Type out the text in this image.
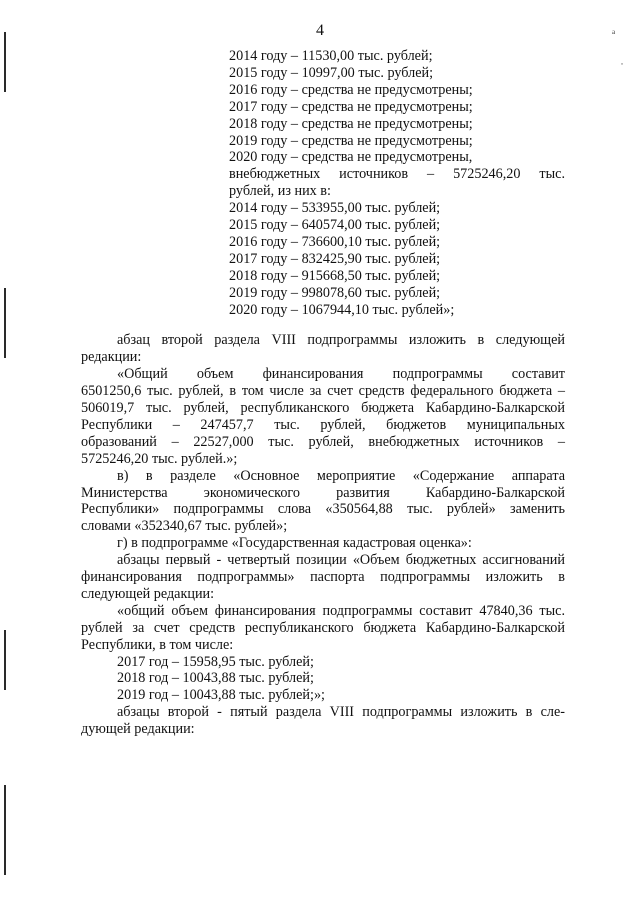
4	ₐ
˙
2014 году – 11530,00 тыс. рублей;
2015 году – 10997,00 тыс. рублей;
2016 году – средства не предусмотрены;
2017 году – средства не предусмотрены;
2018 году – средства не предусмотрены;
2019 году – средства не предусмотрены;
2020 году – средства не предусмотрены,
внебюджетных источников – 5725246,20 тыс.
рублей, из них в:
2014 году – 533955,00 тыс. рублей;
2015 году – 640574,00 тыс. рублей;
2016 году – 736600,10 тыс. рублей;
2017 году – 832425,90 тыс. рублей;
2018 году – 915668,50 тыс. рублей;
2019 году – 998078,60 тыс. рублей;
2020 году – 1067944,10 тыс. рублей»;
абзац второй раздела VIII подпрограммы изложить в следующей
редакции:
«Общий объем финансирования подпрограммы составит
6501250,6 тыс. рублей, в том числе за счет средств федерального бюджета –
506019,7 тыс. рублей, республиканского бюджета Кабардино-Балкарской
Республики – 247457,7 тыс. рублей, бюджетов муниципальных
образований – 22527,000 тыс. рублей, внебюджетных источников –
5725246,20 тыс. рублей.»;
в) в разделе «Основное мероприятие «Содержание аппарата
Министерства экономического развития Кабардино-Балкарской
Республики» подпрограммы слова «350564,88 тыс. рублей» заменить
словами «352340,67 тыс. рублей»;
г) в подпрограмме «Государственная кадастровая оценка»:
абзацы первый - четвертый позиции «Объем бюджетных ассигнований
финансирования подпрограммы» паспорта подпрограммы изложить в
следующей редакции:
«общий объем финансирования подпрограммы составит 47840,36 тыс.
рублей за счет средств республиканского бюджета Кабардино-Балкарской
Республики, в том числе:
2017 год – 15958,95 тыс. рублей;
2018 год – 10043,88 тыс. рублей;
2019 год – 10043,88 тыс. рублей;»;
абзацы второй - пятый раздела VIII подпрограммы изложить в сле-
дующей редакции:
